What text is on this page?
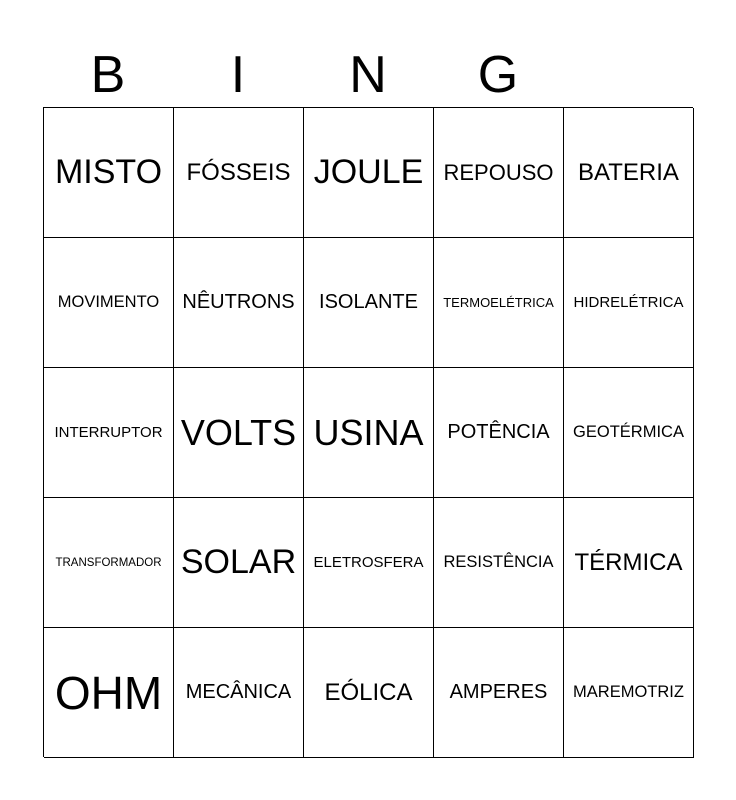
B	I	N	G
MISTO FÓSSEIS JOULE REPOUSO BATERIA
MOVIMENTO NÊUTRONS ISOLANTE TERMOELÉTRICA HIDRELÉTRICA
INTERRUPTOR VOLTS USINA POTÊNCIA GEOTÉRMICA
TRANSFORMADOR SOLAR ELETROSFERA RESISTÊNCIA TÉRMICA
OHM MECÂNICA EÓLICA AMPERES MAREMOTRIZ
